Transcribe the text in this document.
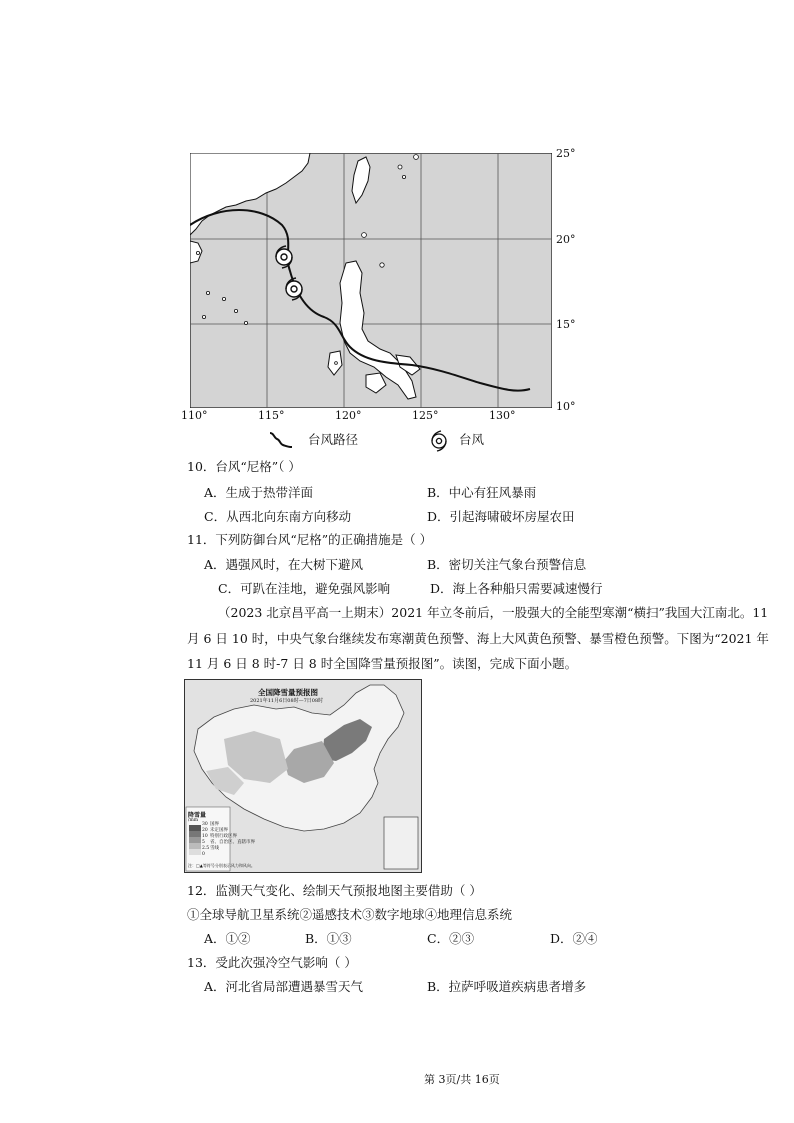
25°
20°
15°
10°
110°	115°	120°	125°	130°
台风路径	台风
10．台风“尼格”（ ）
A．生成于热带洋面	B．中心有狂风暴雨
C．从西北向东南方向移动	D．引起海啸破坏房屋农田
11．下列防御台风“尼格”的正确措施是（ ）
A．遇强风时，在大树下避风	B．密切关注气象台预警信息
C．可趴在洼地，避免强风影响	D．海上各种船只需要减速慢行
（2023 北京昌平高一上期末）2021 年立冬前后，一股强大的全能型寒潮“横扫”我国大江南北。11
月 6 日 10 时，中央气象台继续发布寒潮黄色预警、海上大风黄色预警、暴雪橙色预警。下图为“2021 年
11 月 6 日 8 时-7 日 8 时全国降雪量预报图”。读图，完成下面小题。
全国降雪量预报图
2021年11月6日08时—7日08时
降雪量
/mm
30
20
10
5
2.5
0
国界
未定国界
特别行政区界
省、自治区、直辖市界
雪线
注：□▲等符号分别表示风力和风向。
12．监测天气变化、绘制天气预报地图主要借助（ ）
①全球导航卫星系统②遥感技术③数字地球④地理信息系统
A．①②	B．①③	C．②③	D．②④
13．受此次强冷空气影响（ ）
A．河北省局部遭遇暴雪天气	B．拉萨呼吸道疾病患者增多
第 3页/共 16页
